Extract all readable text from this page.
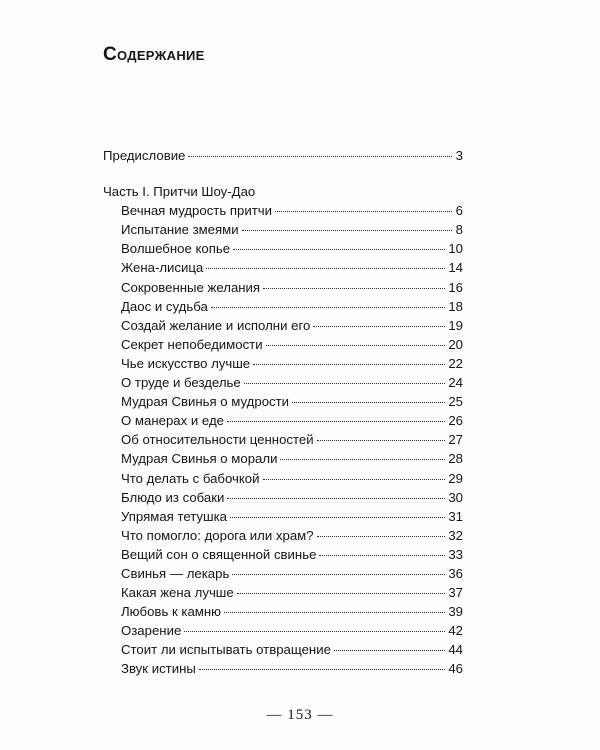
Содержание
Предисловие	3
Часть I. Притчи Шоу-Дао
Вечная мудрость притчи	6
Испытание змеями	8
Волшебное копье	10
Жена-лисица	14
Сокровенные желания	16
Даос и судьба	18
Создай желание и исполни его	19
Секрет непобедимости	20
Чье искусство лучше	22
О труде и безделье	24
Мудрая Свинья о мудрости	25
О манерах и еде	26
Об относительности ценностей	27
Мудрая Свинья о морали	28
Что делать с бабочкой	29
Блюдо из собаки	30
Упрямая тетушка	31
Что помогло: дорога или храм?	32
Вещий сон о священной свинье	33
Свинья — лекарь	36
Какая жена лучше	37
Любовь к камню	39
Озарение	42
Стоит ли испытывать отвращение	44
Звук истины	46
— 153 —
